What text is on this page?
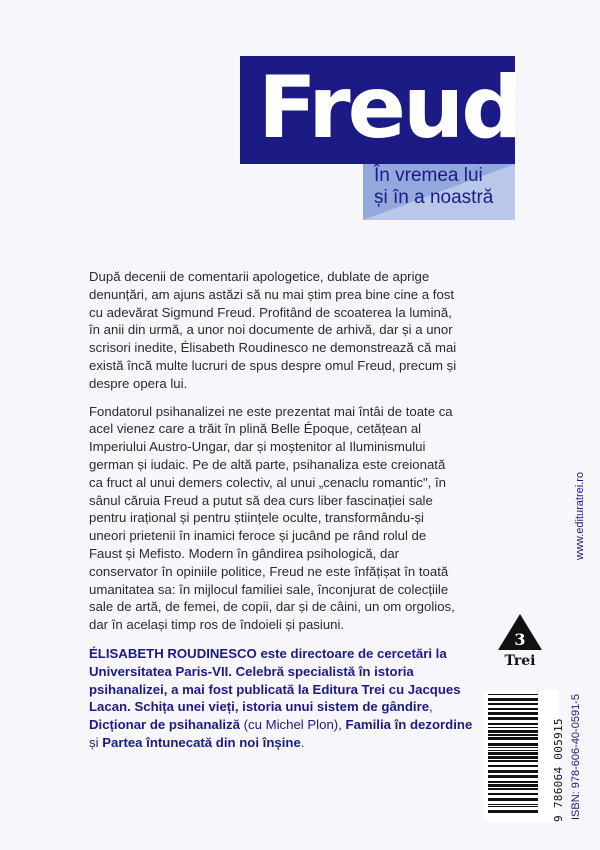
Freud
În vremea lui
și în a noastră

După decenii de comentarii apologetice, dublate de aprige
denunțări, am ajuns astăzi să nu mai știm prea bine cine a fost
cu adevărat Sigmund Freud. Profitând de scoaterea la lumină,
în anii din urmă, a unor noi documente de arhivă, dar și a unor
scrisori inedite, Élisabeth Roudinesco ne demonstrează că mai
există încă multe lucruri de spus despre omul Freud, precum și
despre opera lui.

Fondatorul psihanalizei ne este prezentat mai întâi de toate ca
acel vienez care a trăit în plină Belle Époque, cetățean al
Imperiului Austro-Ungar, dar și moștenitor al Iluminismului
german și iudaic. Pe de altă parte, psihanaliza este creionată
ca fruct al unui demers colectiv, al unui „cenaclu romantic", în
sânul căruia Freud a putut să dea curs liber fascinației sale
pentru irațional și pentru științele oculte, transformându-și
uneori prietenii în inamici feroce și jucând pe rând rolul de
Faust și Mefisto. Modern în gândirea psihologică, dar
conservator în opiniile politice, Freud ne este înfățișat în toată
umanitatea sa: în mijlocul familiei sale, înconjurat de colecțiile
sale de artă, de femei, de copii, dar și de câini, un om orgolios,
dar în același timp ros de îndoieli și pasiuni.

ÉLISABETH ROUDINESCO este directoare de cercetări la
Universitatea Paris-VII. Celebră specialistă în istoria
psihanalizei, a mai fost publicată la Editura Trei cu Jacques
Lacan. Schița unei vieți, istoria unui sistem de gândire,
Dicționar de psihanaliză (cu Michel Plon), Familia în dezordine
și Partea întunecată din noi înșine.
3
Trei
www.edituratrei.ro
9 786064 005915 ISBN: 978-606-40-0591-5
